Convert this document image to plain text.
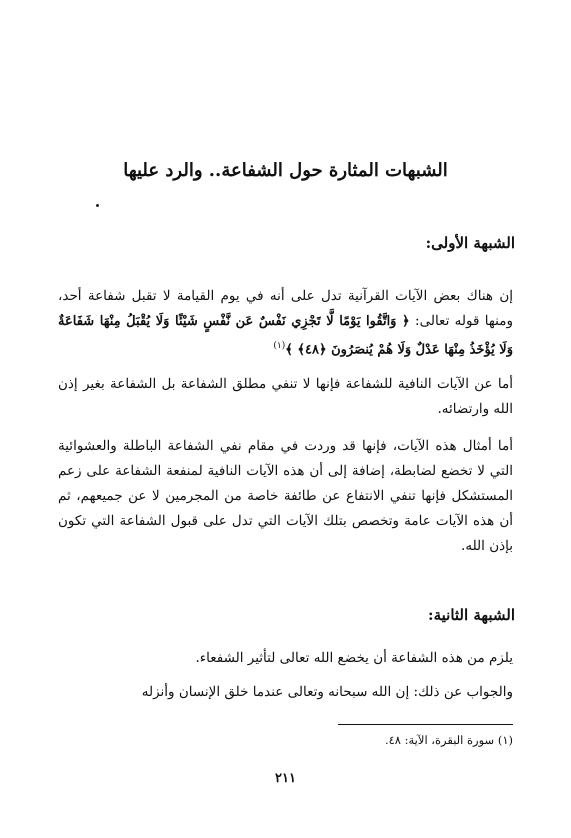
الشبهات المثارة حول الشفاعة.. والرد عليها
الشبهة الأولى:
إن هناك بعض الآيات القرآنية تدل على أنه في يوم القيامة لا تقبل شفاعة أحد، ومنها قوله تعالى: ﴿ وَاتَّقُوا يَوْمًا لَّا تَجْزِي نَفْسٌ عَن نَّفْسٍ شَيْئًا وَلَا يُقْبَلُ مِنْهَا شَفَاعَةٌ وَلَا يُؤْخَذُ مِنْهَا عَدْلٌ وَلَا هُمْ يُنصَرُونَ ﴿٤٨﴾ ﴾$^{(١)}$
أما عن الآيات النافية للشفاعة فإنها لا تنفي مطلق الشفاعة بل الشفاعة بغير إذن الله وارتضائه.
أما أمثال هذه الآيات، فإنها قد وردت في مقام نفي الشفاعة الباطلة والعشوائية التي لا تخضع لضابطة، إضافة إلى أن هذه الآيات النافية لمنفعة الشفاعة على زعم المستشكل فإنها تنفي الانتفاع عن طائفة خاصة من المجرمين لا عن جميعهم، ثم أن هذه الآيات عامة وتخصص بتلك الآيات التي تدل على قبول الشفاعة التي تكون بإذن الله.
الشبهة الثانية:
يلزم من هذه الشفاعة أن يخضع الله تعالى لتأثير الشفعاء.
والجواب عن ذلك: إن الله سبحانه وتعالى عندما خلق الإنسان وأنزله
(١) سورة البقرة، الآية: ٤٨.
٢١١
